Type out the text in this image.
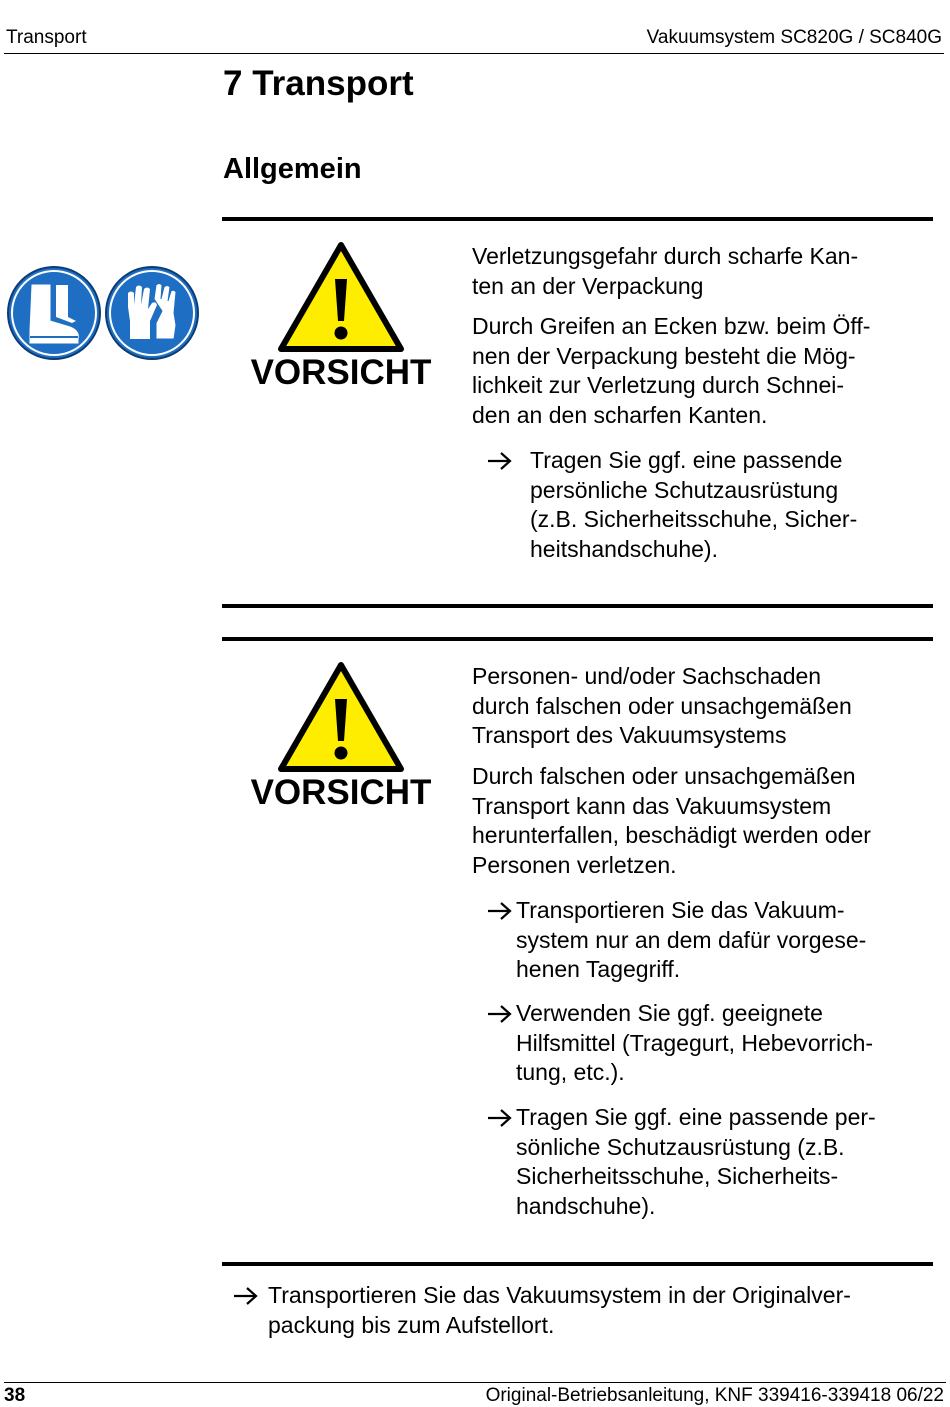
Transport	Vakuumsystem SC820G / SC840G
7 Transport
Allgemein
VORSICHT
Verletzungsgefahr durch scharfe Kan-
ten an der Verpackung
Durch Greifen an Ecken bzw. beim Öff-
nen der Verpackung besteht die Mög-
lichkeit zur Verletzung durch Schnei-
den an den scharfen Kanten.
Tragen Sie ggf. eine passende
persönliche Schutzausrüstung
(z.B. Sicherheitsschuhe, Sicher-
heitshandschuhe).
VORSICHT
Personen- und/oder Sachschaden
durch falschen oder unsachgemäßen
Transport des Vakuumsystems
Durch falschen oder unsachgemäßen
Transport kann das Vakuumsystem
herunterfallen, beschädigt werden oder
Personen verletzen.
Transportieren Sie das Vakuum-
system nur an dem dafür vorgese-
henen Tagegriff.
Verwenden Sie ggf. geeignete
Hilfsmittel (Tragegurt, Hebevorrich-
tung, etc.).
Tragen Sie ggf. eine passende per-
sönliche Schutzausrüstung (z.B.
Sicherheitsschuhe, Sicherheits-
handschuhe).
Transportieren Sie das Vakuumsystem in der Originalver-
packung bis zum Aufstellort.
38	Original-Betriebsanleitung, KNF 339416-339418 06/22
